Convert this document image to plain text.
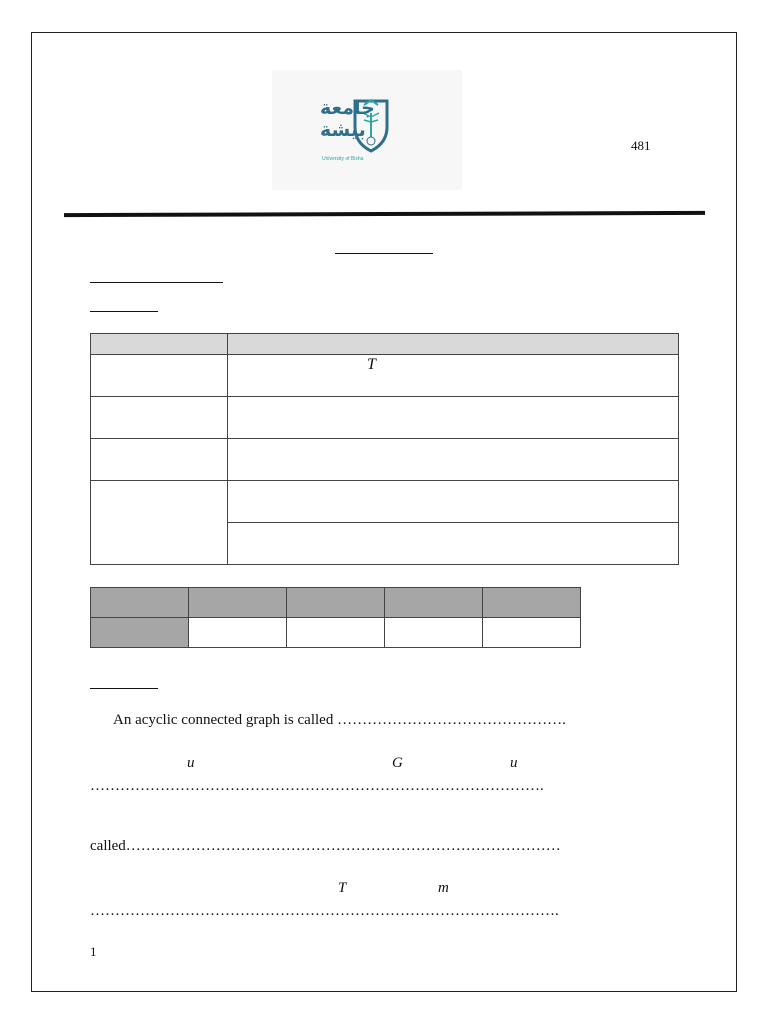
جامعة
بيشة
University of Bisha
481

	T

An acyclic connected graph is called ……………………………………….
u	G	u
……………………………………………………………………………….
called……………………………………………………………………………
T	m
………………………………………………………………………………….
1
